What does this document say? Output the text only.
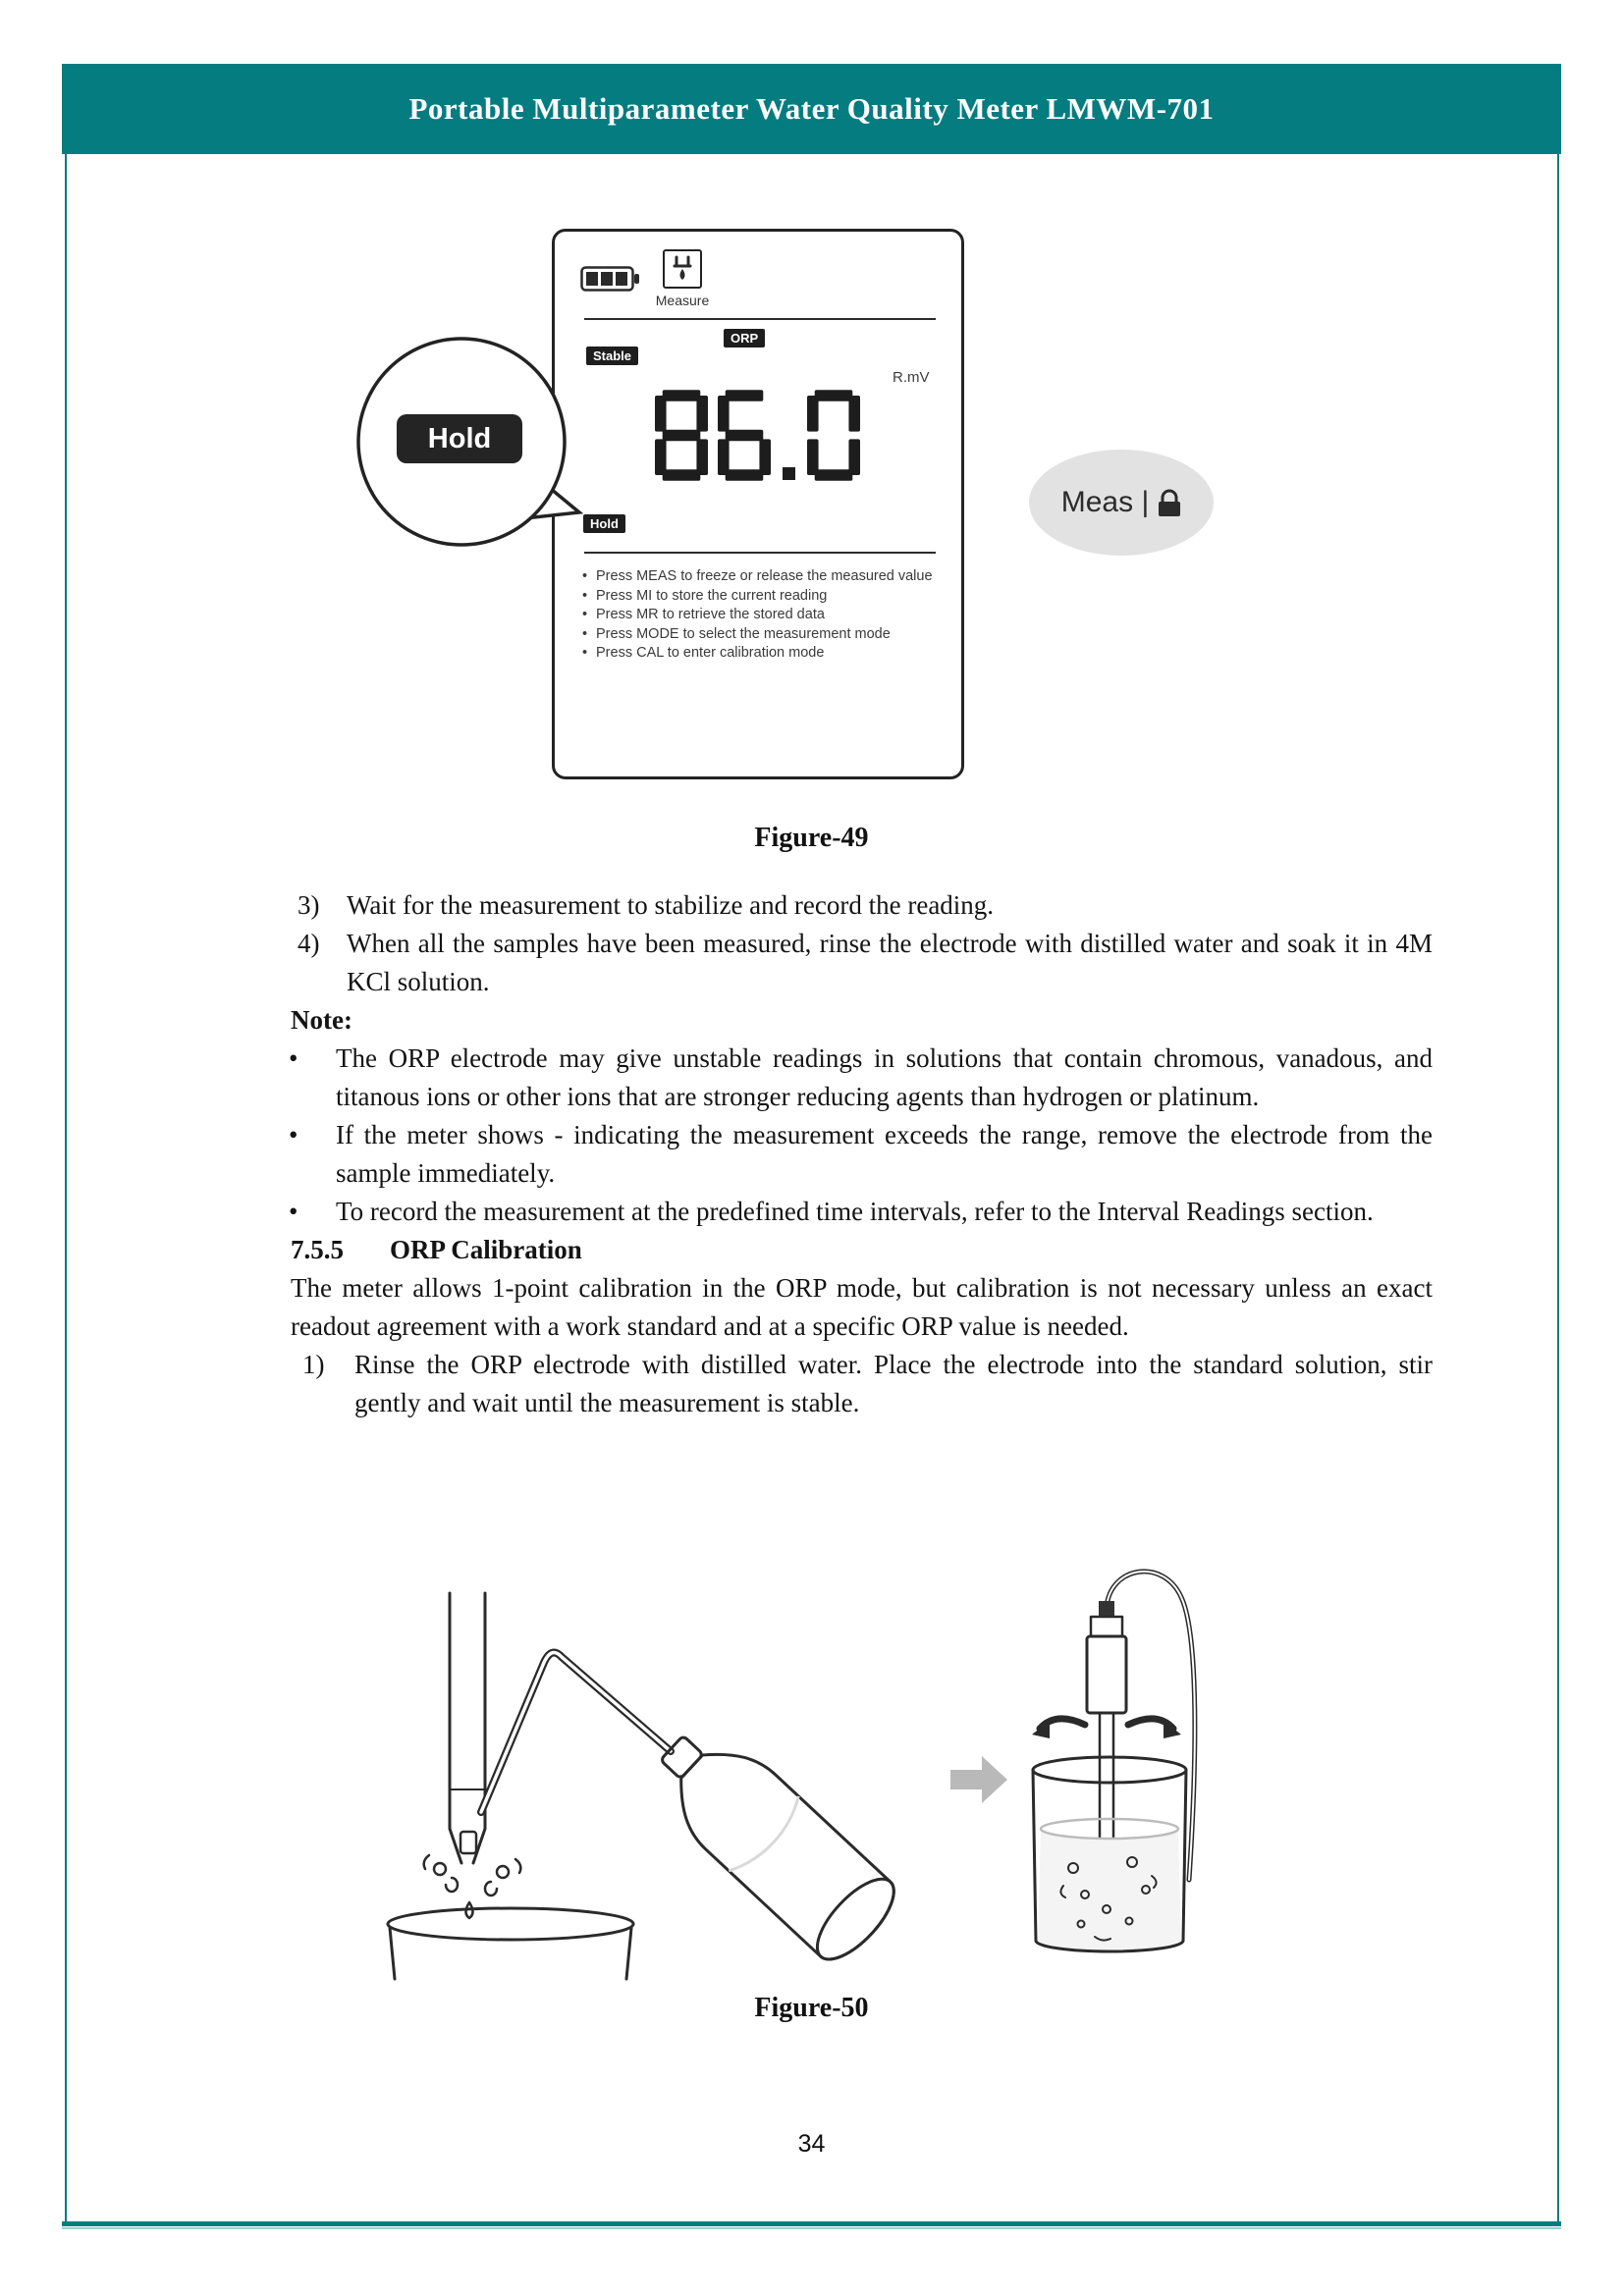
Portable Multiparameter Water Quality Meter LMWM-701
Measure
ORP
Stable
R.mV
Hold
• Press MEAS to freeze or release the measured value
• Press MI to store the current reading
• Press MR to retrieve the stored data
• Press MODE to select the measurement mode
• Press CAL to enter calibration mode
Hold
Meas |
Figure-49

3) Wait for the measurement to stabilize and record the reading.

4) When all the samples have been measured, rinse the electrode with distilled water and soak it in 4M KCl solution.

Note:

• The ORP electrode may give unstable readings in solutions that contain chromous, vanadous, and titanous ions or other ions that are stronger reducing agents than hydrogen or platinum.

• If the meter shows - indicating the measurement exceeds the range, remove the electrode from the sample immediately.

• To record the measurement at the predefined time intervals, refer to the Interval Readings section.

7.5.5 ORP Calibration

The meter allows 1-point calibration in the ORP mode, but calibration is not necessary unless an exact readout agreement with a work standard and at a specific ORP value is needed.

1) Rinse the ORP electrode with distilled water. Place the electrode into the standard solution, stir gently and wait until the measurement is stable.

Figure-50
34
